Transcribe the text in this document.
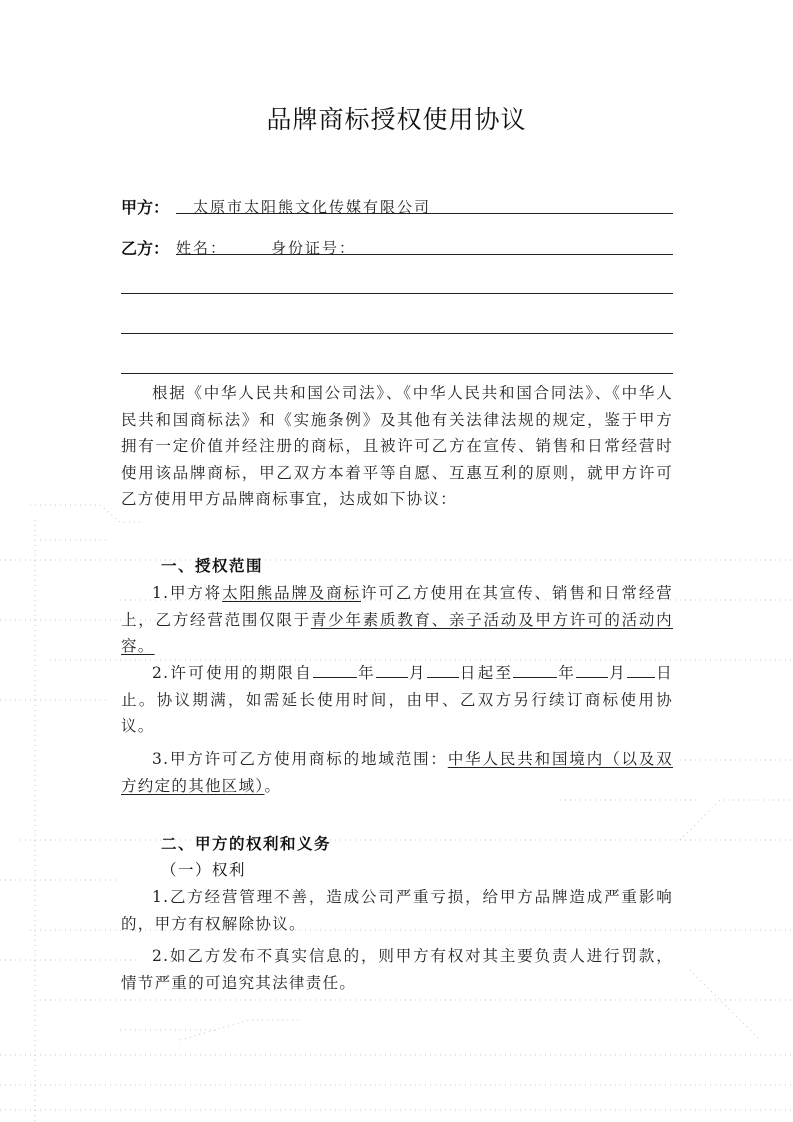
品牌商标授权使用协议
甲方： 太原市太阳熊文化传媒有限公司
乙方： 姓名：	身份证号：

根据《中华人民共和国公司法》、《中华人民共和国合同法》、《中华人民共和国商标法》和《实施条例》及其他有关法律法规的规定，鉴于甲方拥有一定价值并经注册的商标，且被许可乙方在宣传、销售和日常经营时使用该品牌商标，甲乙双方本着平等自愿、互惠互利的原则，就甲方许可乙方使用甲方品牌商标事宜，达成如下协议：

一、授权范围

1.甲方将太阳熊品牌及商标许可乙方使用在其宣传、销售和日常经营上，乙方经营范围仅限于青少年素质教育、亲子活动及甲方许可的活动内容。

2.许可使用的期限自	年 月 日起至	年 月 日止。协议期满，如需延长使用时间，由甲、乙双方另行续订商标使用协议。

3.甲方许可乙方使用商标的地域范围：中华人民共和国境内（以及双方约定的其他区域）。

二、甲方的权利和义务
（一）权利

1.乙方经营管理不善，造成公司严重亏损，给甲方品牌造成严重影响的，甲方有权解除协议。

2.如乙方发布不真实信息的，则甲方有权对其主要负责人进行罚款，情节严重的可追究其法律责任。
